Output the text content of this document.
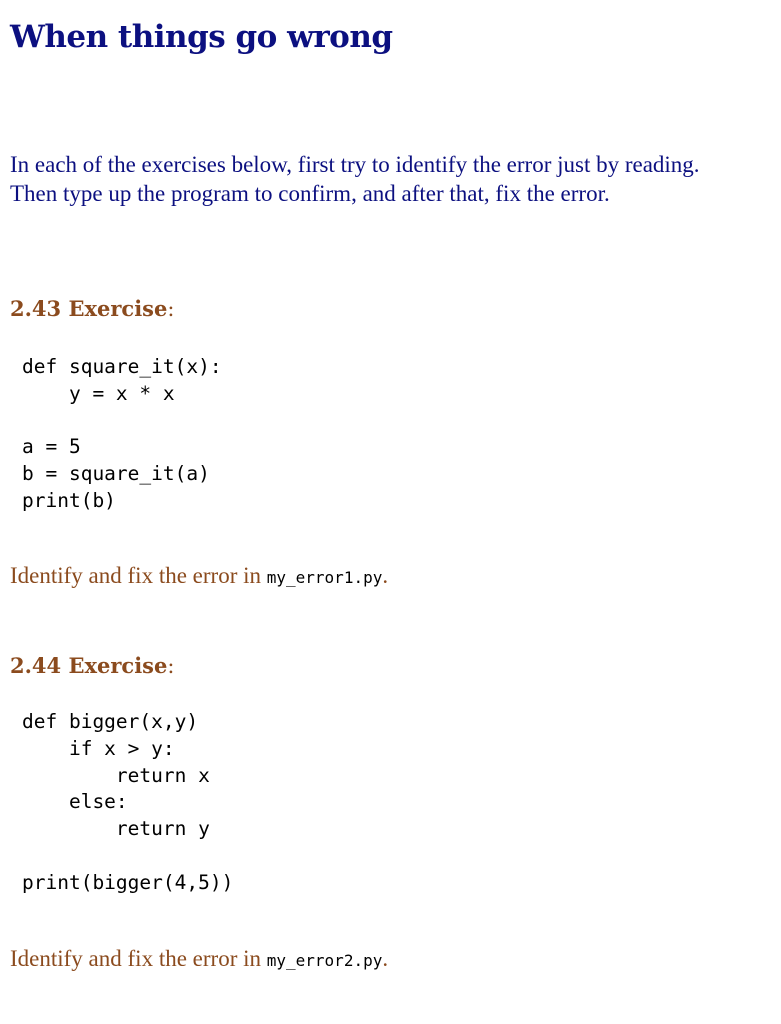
When things go wrong

In each of the exercises below, first try to identify the error just by reading. Then type up the program to confirm, and after that, fix the error.

2.43 Exercise:
def square_it(x):
y = x * x

a = 5
b = square_it(a)
print(b)

Identify and fix the error in my_error1.py.

2.44 Exercise:
def bigger(x,y)
if x > y:
return x
else:
return y

print(bigger(4,5))

Identify and fix the error in my_error2.py.
